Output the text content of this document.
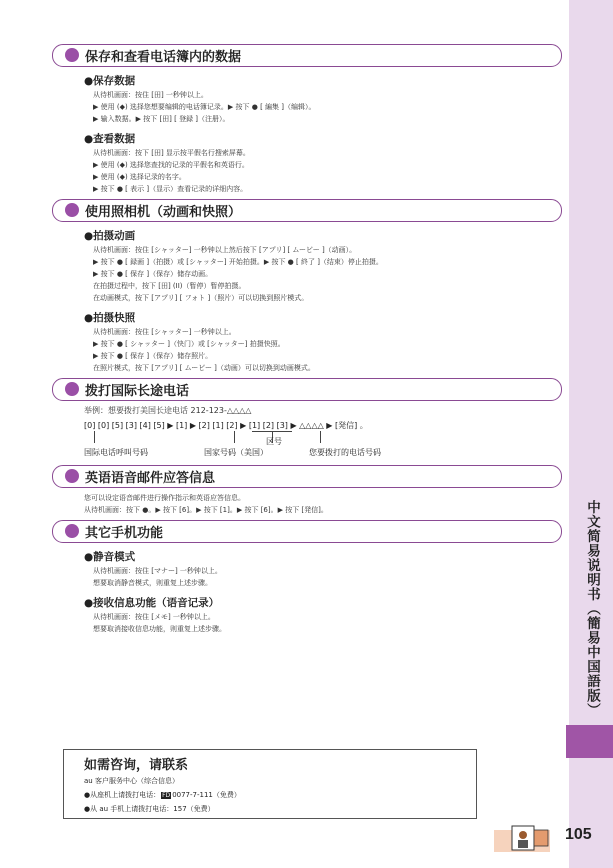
中文简易说明书（簡易中国語版）
保存和查看电话簿内的数据
●保存数据
从待机画面：按住 [田] 一秒钟以上。
▶ 使用 (◆) 选择您想要编辑的电话簿记录。▶ 按下 ● [ 編集 ]（编辑）。
▶ 输入数据。▶ 按下 [田] [ 登録 ]（注册）。
●查看数据
从待机画面：按下 [田] 显示按平假名行搜索屏幕。
▶ 使用 (◆) 选择您查找的记录的平假名和英语行。
▶ 使用 (◆) 选择记录的名字。
▶ 按下 ● [ 表示 ]（显示）查看记录的详细内容。
使用照相机（动画和快照）
●拍摄动画
从待机画面：按住 [シャッター] 一秒钟以上然后按下 [アプリ] [ ムービー ]（动画）。
▶ 按下 ● [ 録画 ]（拍摄）或 [シャッター] 开始拍摄。▶ 按下 ● [ 終了 ]（结束）停止拍摄。
▶ 按下 ● [ 保存 ]（保存）储存动画。
在拍摄过程中，按下 [田] (II)（暂停）暂停拍摄。
在动画模式，按下 [アプリ] [ フォト ]（照片）可以切换到照片模式。
●拍摄快照
从待机画面：按住 [シャッター] 一秒钟以上。
▶ 按下 ● [ シャッター ]（快门）或 [シャッター] 拍摄快照。
▶ 按下 ● [ 保存 ]（保存）储存照片。
在照片模式，按下 [アプリ] [ ムービー ]（动画）可以切换到动画模式。
拨打国际长途电话
举例：想要拨打美国长途电话 212-123-△△△△
[0] [0] [5] [3] [4] [5] ▶ [1] ▶ [2] [1] [2] ▶ [1] [2] [3] ▶ △△△△ ▶ [発信] 。
国际电话呼叫号码
区号
国家号码（美国）	您要拨打的电话号码
英语语音邮件应答信息
您可以设定语音邮件进行操作指示和英语应答信息。
从待机画面：按下 ●。▶ 按下 [6]。▶ 按下 [1]。▶ 按下 [6]。▶ 按下 [発信]。
其它手机功能
●静音模式
从待机画面：按住 [マナー] 一秒钟以上。
想要取消静音模式，则重复上述步骤。
●接收信息功能（语音记录）
从待机画面：按住 [メモ] 一秒钟以上。
想要取消接收信息功能，则重复上述步骤。
如需咨询，请联系
au 客户服务中心（综合信息）
●从座机上请拨打电话： FD 0077-7-111（免费）
●从 au 手机上请拨打电话：157（免费）
105
